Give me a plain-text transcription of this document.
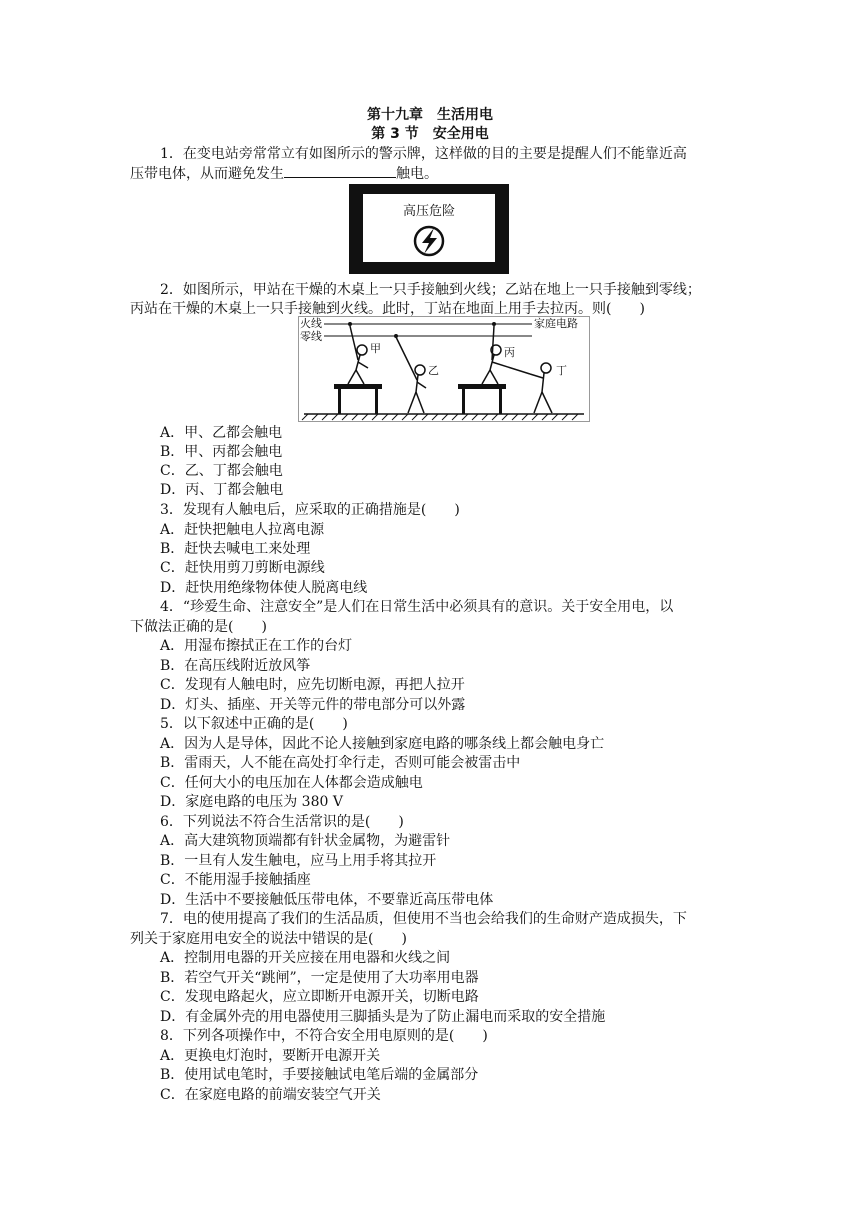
第十九章　生活用电
第 3 节　安全用电
1．在变电站旁常常立有如图所示的警示牌，这样做的目的主要是提醒人们不能靠近高
压带电体，从而避免发生	触电。
高压危险
2．如图所示，甲站在干燥的木桌上一只手接触到火线；乙站在地上一只手接触到零线；
丙站在干燥的木桌上一只手接触到火线。此时，丁站在地面上用手去拉丙。则(　　)
火线
零线
家庭电路
甲
乙
丙
丁
A．甲、乙都会触电
B．甲、丙都会触电
C．乙、丁都会触电
D．丙、丁都会触电
3．发现有人触电后，应采取的正确措施是(　　)
A．赶快把触电人拉离电源
B．赶快去喊电工来处理
C．赶快用剪刀剪断电源线
D．赶快用绝缘物体使人脱离电线
4．“珍爱生命、注意安全”是人们在日常生活中必须具有的意识。关于安全用电，以
下做法正确的是(　　)
A．用湿布擦拭正在工作的台灯
B．在高压线附近放风筝
C．发现有人触电时，应先切断电源，再把人拉开
D．灯头、插座、开关等元件的带电部分可以外露
5．以下叙述中正确的是(　　)
A．因为人是导体，因此不论人接触到家庭电路的哪条线上都会触电身亡
B．雷雨天，人不能在高处打伞行走，否则可能会被雷击中
C．任何大小的电压加在人体都会造成触电
D．家庭电路的电压为 380 V
6．下列说法不符合生活常识的是(　　)
A．高大建筑物顶端都有针状金属物，为避雷针
B．一旦有人发生触电，应马上用手将其拉开
C．不能用湿手接触插座
D．生活中不要接触低压带电体，不要靠近高压带电体
7．电的使用提高了我们的生活品质，但使用不当也会给我们的生命财产造成损失，下
列关于家庭用电安全的说法中错误的是(　　)
A．控制用电器的开关应接在用电器和火线之间
B．若空气开关“跳闸”，一定是使用了大功率用电器
C．发现电路起火，应立即断开电源开关，切断电路
D．有金属外壳的用电器使用三脚插头是为了防止漏电而采取的安全措施
8．下列各项操作中，不符合安全用电原则的是(　　)
A．更换电灯泡时，要断开电源开关
B．使用试电笔时，手要接触试电笔后端的金属部分
C．在家庭电路的前端安装空气开关
